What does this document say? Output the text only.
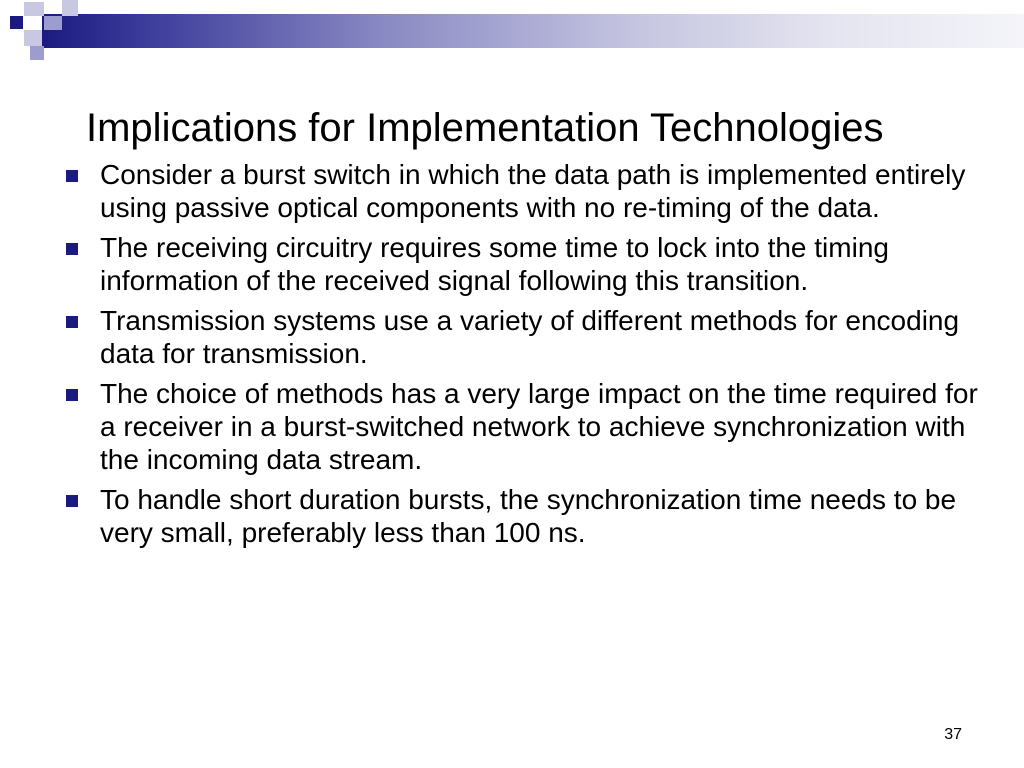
Implications for Implementation Technologies
Consider a burst switch in which the data path is implemented entirely using passive optical components with no re-timing of the data.
The receiving circuitry requires some time to lock into the timing information of the received signal following this transition.
Transmission systems use a variety of different methods for encoding data for transmission.
The choice of methods has a very large impact on the time required for a receiver in a burst-switched network to achieve synchronization with the incoming data stream.
To handle short duration bursts, the synchronization time needs to be very small, preferably less than 100 ns.
37
